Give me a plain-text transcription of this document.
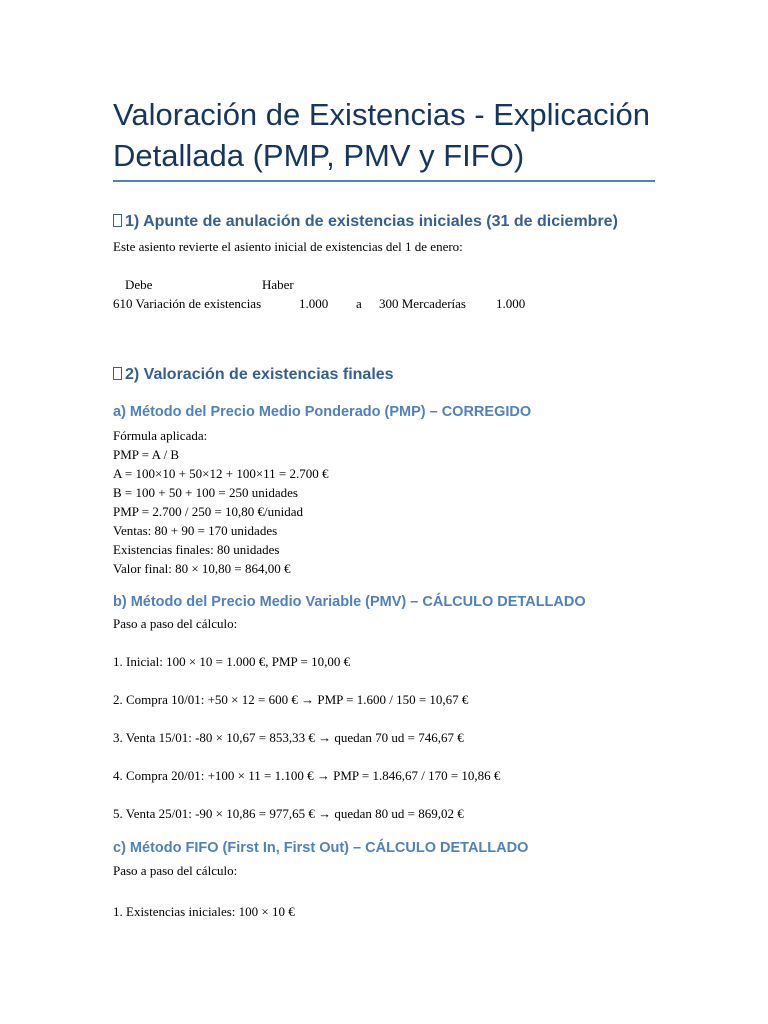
Valoración de Existencias - Explicación Detallada (PMP, PMV y FIFO)
1) Apunte de anulación de existencias iniciales (31 de diciembre)

Este asiento revierte el asiento inicial de existencias del 1 de enero:

Debe	Haber
610 Variación de existencias	1.000 a 300 Mercaderías 1.000
2) Valoración de existencias finales
a) Método del Precio Medio Ponderado (PMP) – CORREGIDO
Fórmula aplicada:
PMP = A / B
A = 100×10 + 50×12 + 100×11 = 2.700 €
B = 100 + 50 + 100 = 250 unidades
PMP = 2.700 / 250 = 10,80 €/unidad
Ventas: 80 + 90 = 170 unidades
Existencias finales: 80 unidades
Valor final: 80 × 10,80 = 864,00 €
b) Método del Precio Medio Variable (PMV) – CÁLCULO DETALLADO

Paso a paso del cálculo:

1. Inicial: 100 × 10 = 1.000 €, PMP = 10,00 €

2. Compra 10/01: +50 × 12 = 600 € → PMP = 1.600 / 150 = 10,67 €

3. Venta 15/01: -80 × 10,67 = 853,33 € → quedan 70 ud = 746,67 €

4. Compra 20/01: +100 × 11 = 1.100 € → PMP = 1.846,67 / 170 = 10,86 €

5. Venta 25/01: -90 × 10,86 = 977,65 € → quedan 80 ud = 869,02 €

c) Método FIFO (First In, First Out) – CÁLCULO DETALLADO

Paso a paso del cálculo:

1. Existencias iniciales: 100 × 10 €
